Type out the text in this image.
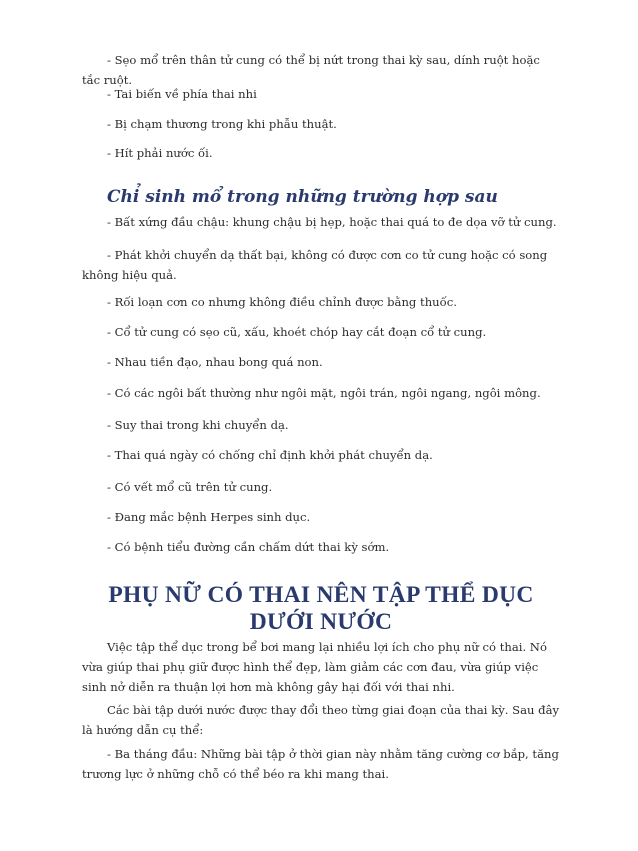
- Sẹo mổ trên thân tử cung có thể bị nứt trong thai kỳ sau, dính ruột hoặc tắc ruột.

- Tai biến về phía thai nhi

- Bị chạm thương trong khi phẫu thuật.

- Hít phải nước ối.

Chỉ sinh mổ trong những trường hợp sau

- Bất xứng đầu chậu: khung chậu bị hẹp, hoặc thai quá to đe dọa vỡ tử cung.

- Phát khởi chuyển dạ thất bại, không có được cơn co tử cung hoặc có song không hiệu quả.

- Rối loạn cơn co nhưng không điều chỉnh được bằng thuốc.

- Cổ tử cung có sẹo cũ, xấu, khoét chóp hay cắt đoạn cổ tử cung.

- Nhau tiền đạo, nhau bong quá non.

- Có các ngôi bất thường như ngôi mặt, ngôi trán, ngôi ngang, ngôi mông.

- Suy thai trong khi chuyển dạ.

- Thai quá ngày có chống chỉ định khởi phát chuyển dạ.

- Có vết mổ cũ trên tử cung.

- Đang mắc bệnh Herpes sinh dục.

- Có bệnh tiểu đường cần chấm dứt thai kỳ sớm.

PHỤ NỮ CÓ THAI NÊN TẬP THỂ DỤC DƯỚI NƯỚC

Việc tập thể dục trong bể bơi mang lại nhiều lợi ích cho phụ nữ có thai. Nó vừa giúp thai phụ giữ được hình thể đẹp, làm giảm các cơn đau, vừa giúp việc sinh nở diễn ra thuận lợi hơn mà không gây hại đối với thai nhi.

Các bài tập dưới nước được thay đổi theo từng giai đoạn của thai kỳ. Sau đây là hướng dẫn cụ thể:

- Ba tháng đầu: Những bài tập ở thời gian này nhằm tăng cường cơ bắp, tăng trương lực ở những chỗ có thể béo ra khi mang thai.
